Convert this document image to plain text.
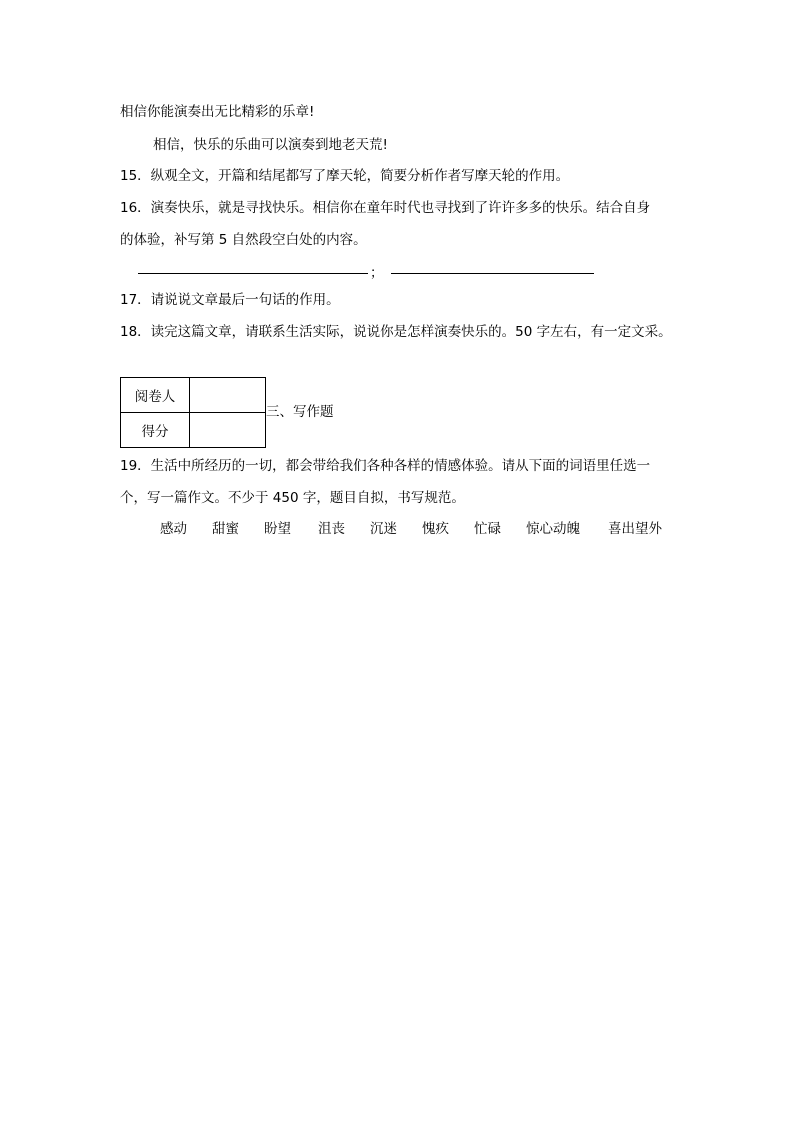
相信你能演奏出无比精彩的乐章!
相信，快乐的乐曲可以演奏到地老天荒!
15．纵观全文，开篇和结尾都写了摩天轮，简要分析作者写摩天轮的作用。
16．演奏快乐，就是寻找快乐。相信你在童年时代也寻找到了许许多多的快乐。结合自身
的体验，补写第 5 自然段空白处的内容。
；
17．请说说文章最后一句话的作用。
18．读完这篇文章，请联系生活实际，说说你是怎样演奏快乐的。50 字左右，有一定文采。
阅卷人	
得分	
三、写作题
19．生活中所经历的一切，都会带给我们各种各样的情感体验。请从下面的词语里任选一
个，写一篇作文。不少于 450 字，题目自拟，书写规范。
感动 甜蜜 盼望 沮丧 沉迷 愧疚 忙碌 惊心动魄 喜出望外
